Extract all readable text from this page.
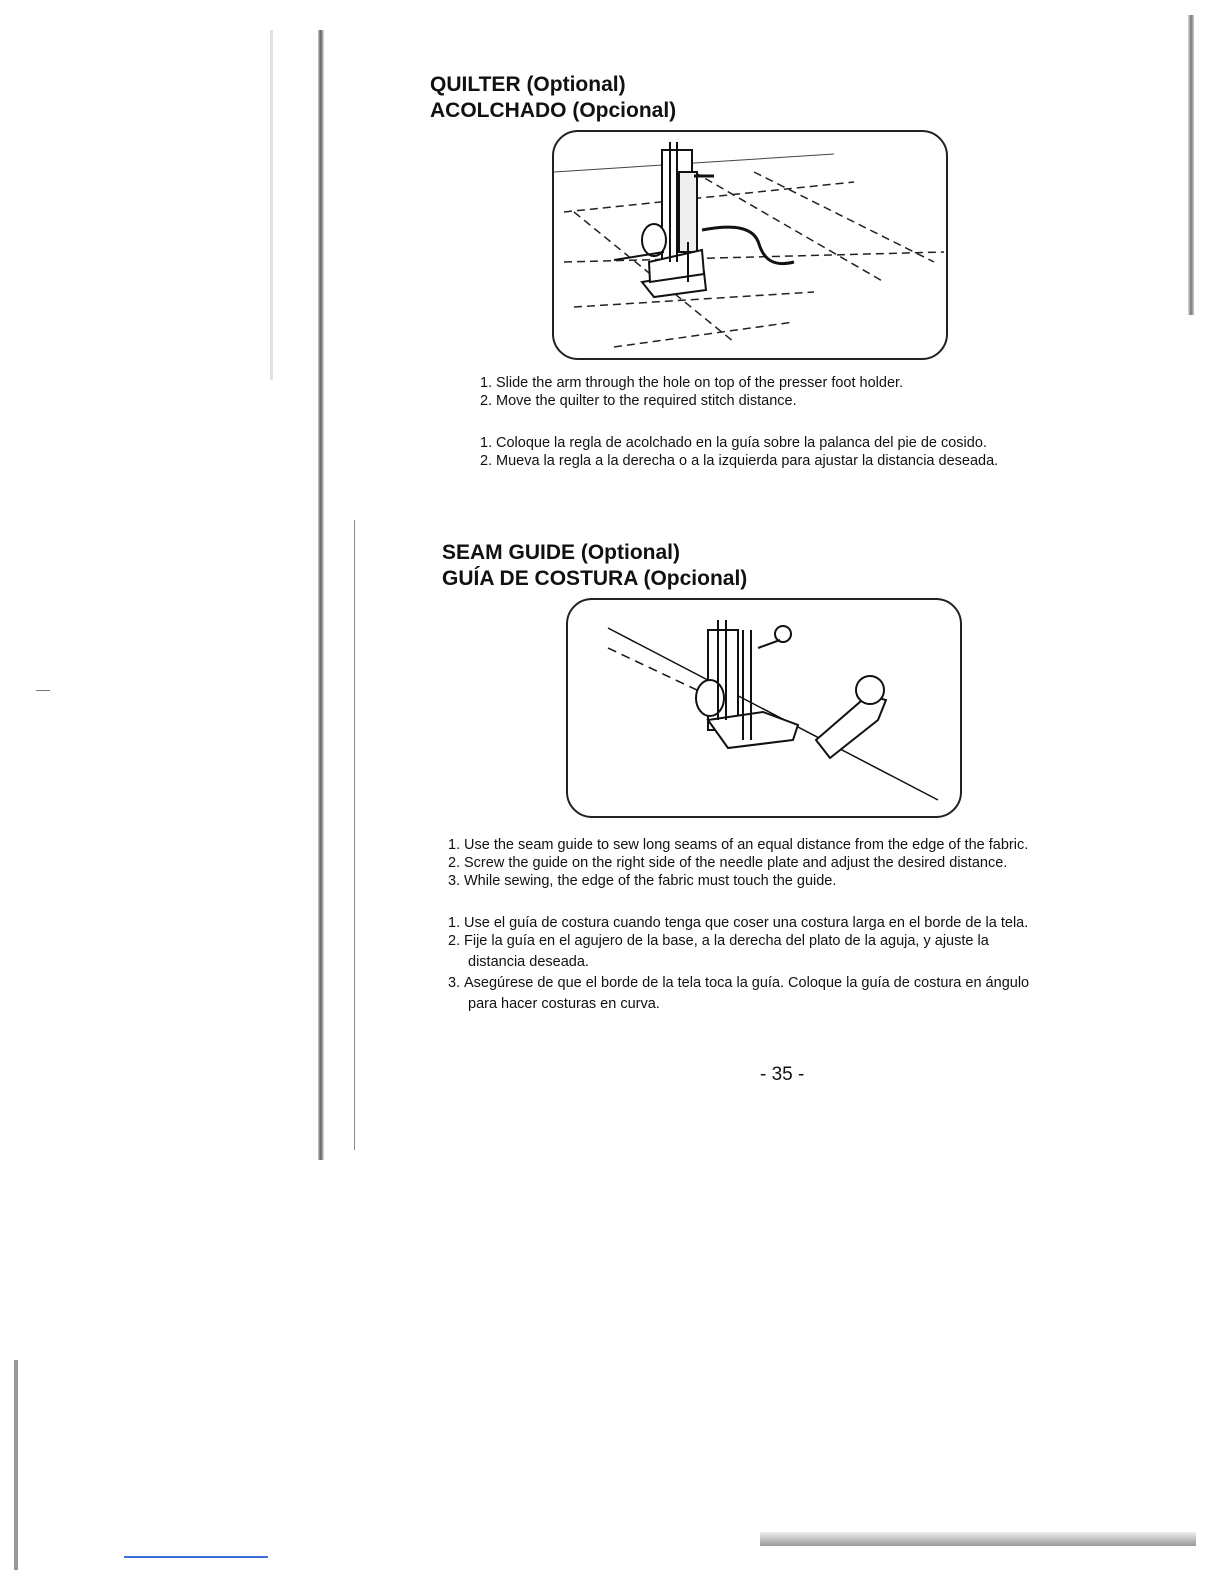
QUILTER (Optional)
ACOLCHADO (Opcional)
1. Slide the arm through the hole on top of the presser foot holder.
2. Move the quilter to the required stitch distance.
1. Coloque la regla de acolchado en la guía sobre la palanca del pie de cosido.
2. Mueva la regla a la derecha o a la izquierda para ajustar la distancia deseada.
SEAM GUIDE (Optional)
GUÍA DE COSTURA (Opcional)
1. Use the seam guide to sew long seams of an equal distance from the edge of the fabric.
2. Screw the guide on the right side of the needle plate and adjust the desired distance.
3. While sewing, the edge of the fabric must touch the guide.
1. Use el guía de costura cuando tenga que coser una costura larga en el borde de la tela.
2. Fije la guía en el agujero de la base, a la derecha del plato de la aguja, y ajuste la
distancia deseada.
3. Asegúrese de que el borde de la tela toca la guía. Coloque la guía de costura en ángulo
para hacer costuras en curva.
- 35 -
